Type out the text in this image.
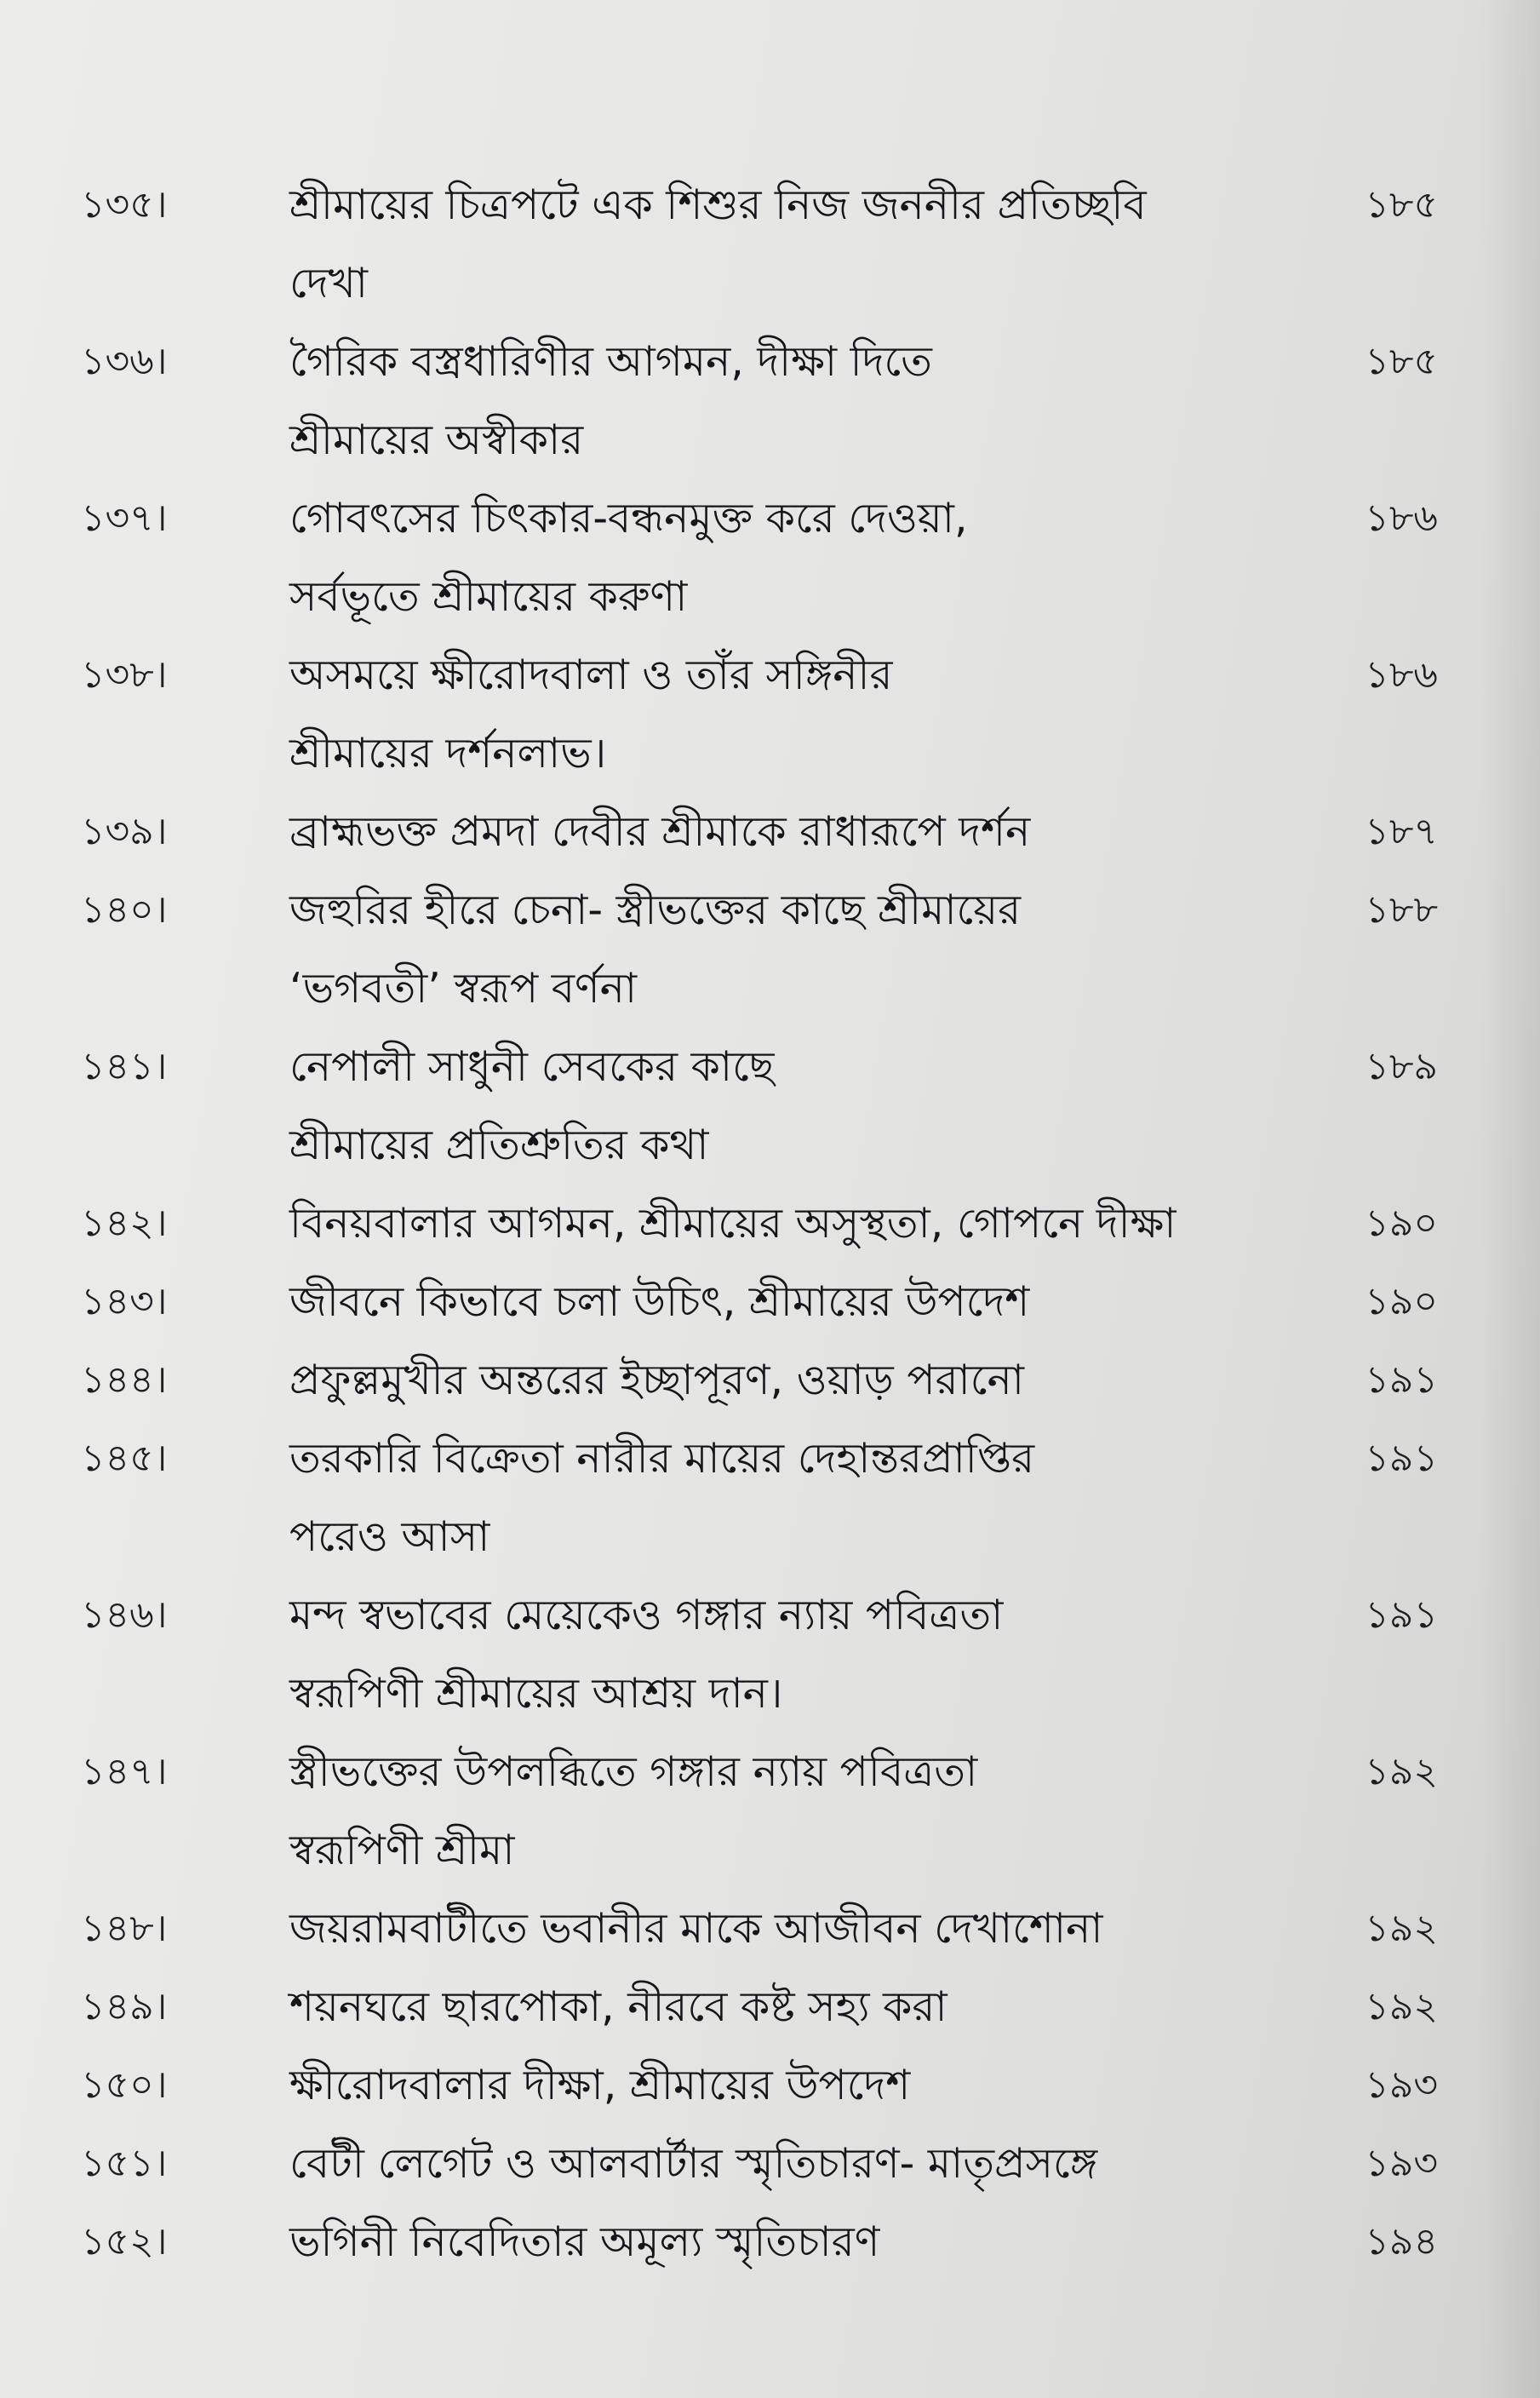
১৩৫।	শ্রীমায়ের চিত্রপটে এক শিশুর নিজ জননীর প্রতিচ্ছবি
দেখা
১৮৫
১৩৬।	গৈরিক বস্ত্রধারিণীর আগমন, দীক্ষা দিতে
শ্রীমায়ের অস্বীকার
১৮৫
১৩৭।	গোবৎসের চিৎকার-বন্ধনমুক্ত করে দেওয়া,
সর্বভূতে শ্রীমায়ের করুণা
১৮৬
১৩৮।	অসময়ে ক্ষীরোদবালা ও তাঁর সঙ্গিনীর
শ্রীমায়ের দর্শনলাভ।
১৮৬
১৩৯।	ব্রাহ্মভক্ত প্রমদা দেবীর শ্রীমাকে রাধারূপে দর্শন	১৮৭
১৪০।	জহুরির হীরে চেনা- স্ত্রীভক্তের কাছে শ্রীমায়ের
‘ভগবতী’ স্বরূপ বর্ণনা
১৮৮
১৪১।	নেপালী সাধুনী সেবকের কাছে
শ্রীমায়ের প্রতিশ্রুতির কথা
১৮৯
১৪২।	বিনয়বালার আগমন, শ্রীমায়ের অসুস্থতা, গোপনে দীক্ষা	১৯০
১৪৩।	জীবনে কিভাবে চলা উচিৎ, শ্রীমায়ের উপদেশ	১৯০
১৪৪।	প্রফুল্লমুখীর অন্তরের ইচ্ছাপূরণ, ওয়াড় পরানো	১৯১
১৪৫।	তরকারি বিক্রেতা নারীর মায়ের দেহান্তরপ্রাপ্তির
পরেও আসা
১৯১
১৪৬।	মন্দ স্বভাবের মেয়েকেও গঙ্গার ন্যায় পবিত্রতা
স্বরূপিণী শ্রীমায়ের আশ্রয় দান।
১৯১
১৪৭।	স্ত্রীভক্তের উপলব্ধিতে গঙ্গার ন্যায় পবিত্রতা
স্বরূপিণী শ্রীমা
১৯২
১৪৮।	জয়রামবাটীতে ভবানীর মাকে আজীবন দেখাশোনা	১৯২
১৪৯।	শয়নঘরে ছারপোকা, নীরবে কষ্ট সহ্য করা	১৯২
১৫০।	ক্ষীরোদবালার দীক্ষা, শ্রীমায়ের উপদেশ	১৯৩
১৫১।	বেটী লেগেট ও আলবার্টার স্মৃতিচারণ- মাতৃপ্রসঙ্গে	১৯৩
১৫২।	ভগিনী নিবেদিতার অমূল্য স্মৃতিচারণ	১৯৪
